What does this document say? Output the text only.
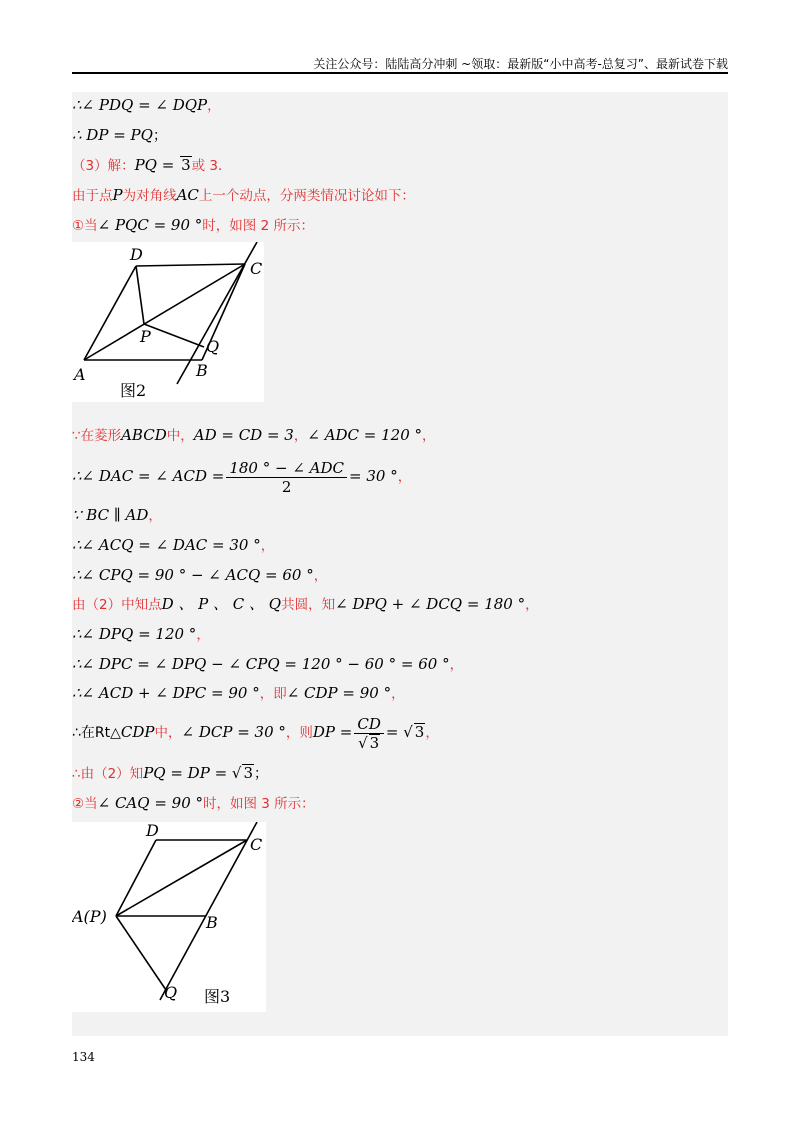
关注公众号：陆陆高分冲刺 ~领取：最新版“小中高考-总复习”、最新试卷下载
∴∠ PDQ = ∠ DQP，
∴ DP = PQ；
（3）解：PQ = 3或 3．
由于点P为对角线AC上一个动点，分两类情况讨论如下：
①当∠ PQC = 90 °时，如图 2 所示：
D
C
P
Q
A	B
图2
∵在菱形ABCD中，AD = CD = 3，∠ ADC = 120 °，
∴∠ DAC = ∠ ACD = $\frac{\text{180 ° − ∠ ADC}}{2} = 30$ °，
∵ BC ∥ AD，
∴∠ ACQ = ∠ DAC = 30 °，
∴∠ CPQ = 90 ° − ∠ ACQ = 60 °，
由（2）中知点D 、 P 、 C 、 Q共圆，知∠ DPQ + ∠ DCQ = 180 °，
∴∠ DPQ = 120 °，
∴∠ DPC = ∠ DPQ − ∠ CPQ = 120 ° − 60 ° = 60 °，
∴∠ ACD + ∠ DPC = 90 °，即∠ CDP = 90 °，
∴在Rt△CDP中，∠ DCP = 30 °，则DP = $\frac{CD}{√ 3}$ = √ 3，
∴由（2）知PQ = DP = √ 3；
②当∠ CAQ = 90 °时，如图 3 所示：
D
C
A(P)	B
Q 图3
134
